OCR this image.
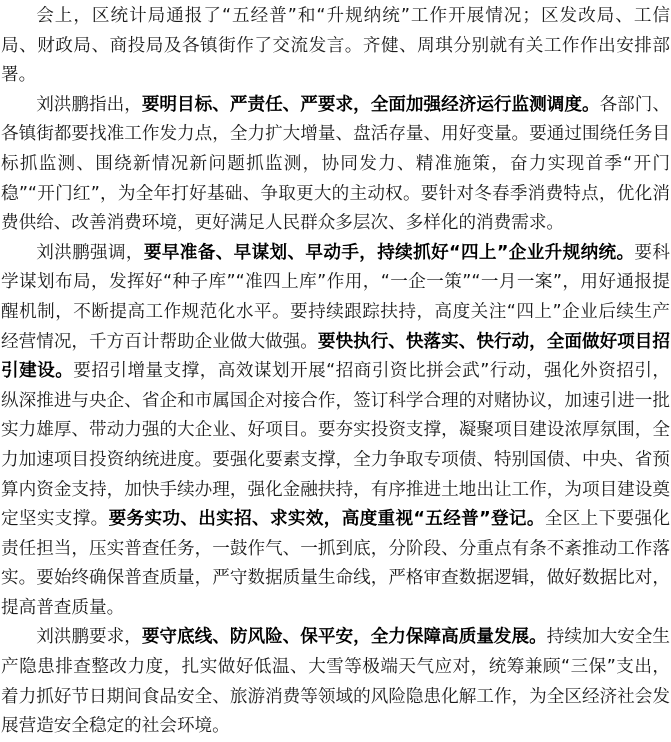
会上，区统计局通报了“五经普”和“升规纳统”工作开展情况；区发改局、工信局、财政局、商投局及各镇街作了交流发言。齐健、周琪分别就有关工作作出安排部署。

刘洪鹏指出，要明目标、严责任、严要求，全面加强经济运行监测调度。各部门、各镇街都要找准工作发力点，全力扩大增量、盘活存量、用好变量。要通过围绕任务目标抓监测、围绕新情况新问题抓监测，协同发力、精准施策，奋力实现首季“开门稳”“开门红”，为全年打好基础、争取更大的主动权。要针对冬春季消费特点，优化消费供给、改善消费环境，更好满足人民群众多层次、多样化的消费需求。

刘洪鹏强调，要早准备、早谋划、早动手，持续抓好“四上”企业升规纳统。要科学谋划布局，发挥好“种子库”“准四上库”作用，“一企一策”“一月一案”，用好通报提醒机制，不断提高工作规范化水平。要持续跟踪扶持，高度关注“四上”企业后续生产经营情况，千方百计帮助企业做大做强。要快执行、快落实、快行动，全面做好项目招引建设。要招引增量支撑，高效谋划开展“招商引资比拼会武”行动，强化外资招引，纵深推进与央企、省企和市属国企对接合作，签订科学合理的对赌协议，加速引进一批实力雄厚、带动力强的大企业、好项目。要夯实投资支撑，凝聚项目建设浓厚氛围，全力加速项目投资纳统进度。要强化要素支撑，全力争取专项债、特别国债、中央、省预算内资金支持，加快手续办理，强化金融扶持，有序推进土地出让工作，为项目建设奠定坚实支撑。要务实功、出实招、求实效，高度重视“五经普”登记。全区上下要强化责任担当，压实普查任务，一鼓作气、一抓到底，分阶段、分重点有条不紊推动工作落实。要始终确保普查质量，严守数据质量生命线，严格审查数据逻辑，做好数据比对，提高普查质量。

刘洪鹏要求，要守底线、防风险、保平安，全力保障高质量发展。持续加大安全生产隐患排查整改力度，扎实做好低温、大雪等极端天气应对，统筹兼顾“三保”支出，着力抓好节日期间食品安全、旅游消费等领域的风险隐患化解工作，为全区经济社会发展营造安全稳定的社会环境。
